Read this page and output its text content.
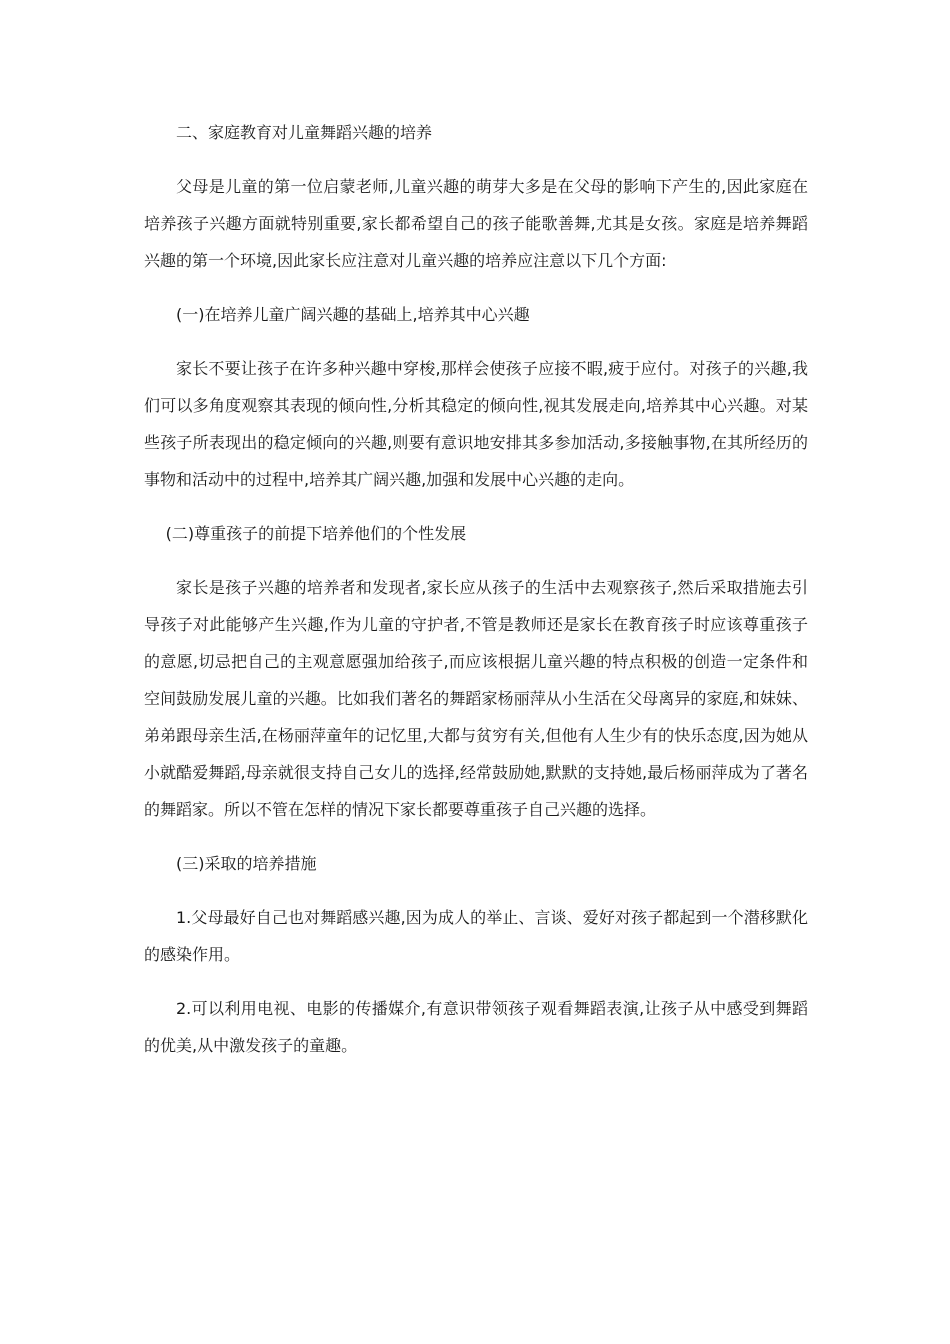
二、家庭教育对儿童舞蹈兴趣的培养

父母是儿童的第一位启蒙老师,儿童兴趣的萌芽大多是在父母的影响下产生的,因此家庭在培养孩子兴趣方面就特别重要,家长都希望自己的孩子能歌善舞,尤其是女孩。家庭是培养舞蹈兴趣的第一个环境,因此家长应注意对儿童兴趣的培养应注意以下几个方面:

(一)在培养儿童广阔兴趣的基础上,培养其中心兴趣

家长不要让孩子在许多种兴趣中穿梭,那样会使孩子应接不暇,疲于应付。对孩子的兴趣,我们可以多角度观察其表现的倾向性,分析其稳定的倾向性,视其发展走向,培养其中心兴趣。对某些孩子所表现出的稳定倾向的兴趣,则要有意识地安排其多参加活动,多接触事物,在其所经历的事物和活动中的过程中,培养其广阔兴趣,加强和发展中心兴趣的走向。

(二)尊重孩子的前提下培养他们的个性发展

家长是孩子兴趣的培养者和发现者,家长应从孩子的生活中去观察孩子,然后采取措施去引导孩子对此能够产生兴趣,作为儿童的守护者,不管是教师还是家长在教育孩子时应该尊重孩子的意愿,切忌把自己的主观意愿强加给孩子,而应该根据儿童兴趣的特点积极的创造一定条件和空间鼓励发展儿童的兴趣。比如我们著名的舞蹈家杨丽萍从小生活在父母离异的家庭,和妹妹、弟弟跟母亲生活,在杨丽萍童年的记忆里,大都与贫穷有关,但他有人生少有的快乐态度,因为她从小就酷爱舞蹈,母亲就很支持自己女儿的选择,经常鼓励她,默默的支持她,最后杨丽萍成为了著名的舞蹈家。所以不管在怎样的情况下家长都要尊重孩子自己兴趣的选择。

(三)采取的培养措施

1.父母最好自己也对舞蹈感兴趣,因为成人的举止、言谈、爱好对孩子都起到一个潜移默化的感染作用。

2.可以利用电视、电影的传播媒介,有意识带领孩子观看舞蹈表演,让孩子从中感受到舞蹈的优美,从中激发孩子的童趣。
